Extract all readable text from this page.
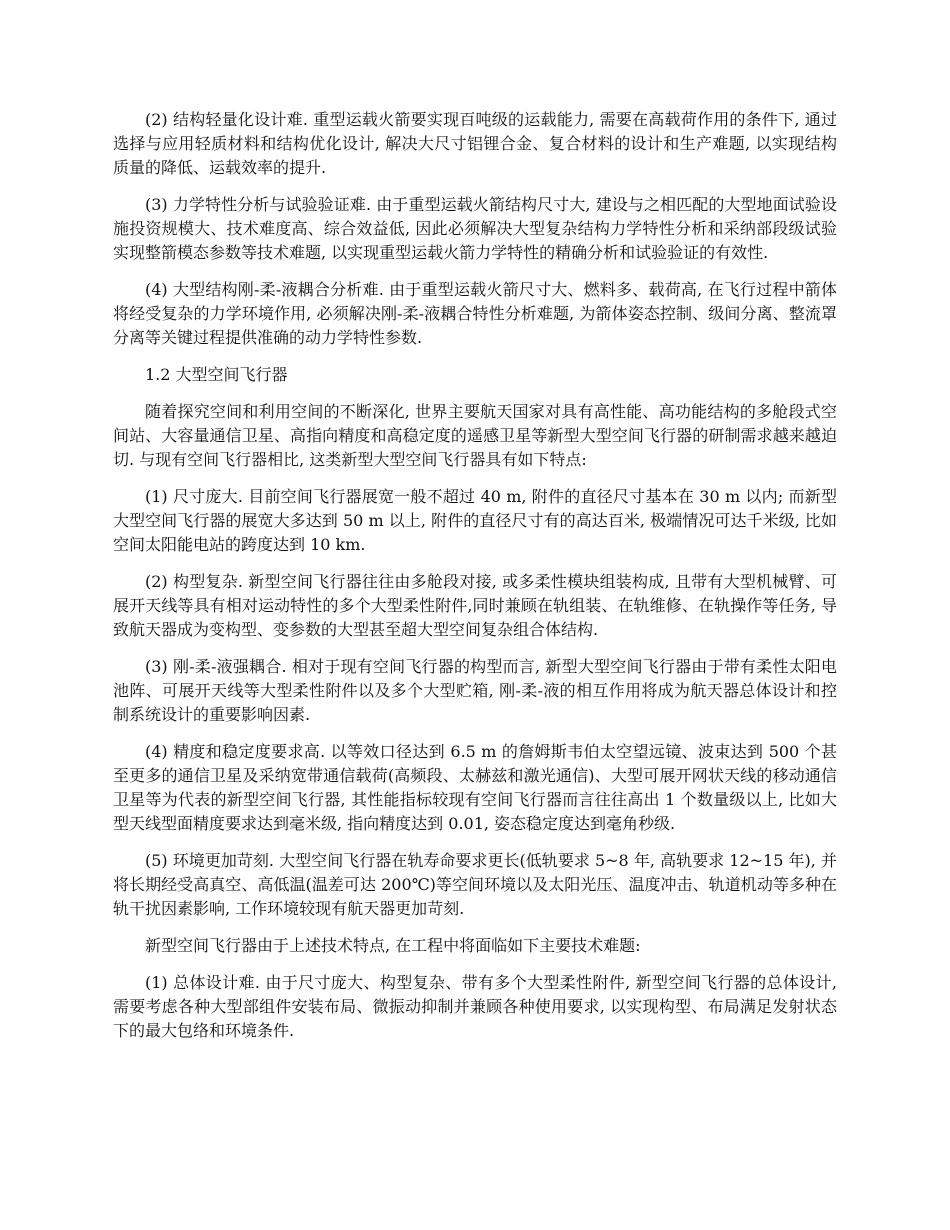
(2) 结构轻量化设计难. 重型运载火箭要实现百吨级的运载能力, 需要在高载荷作用的条件下, 通过选择与应用轻质材料和结构优化设计, 解决大尺寸铝锂合金、复合材料的设计和生产难题, 以实现结构质量的降低、运载效率的提升.

(3) 力学特性分析与试验验证难. 由于重型运载火箭结构尺寸大, 建设与之相匹配的大型地面试验设施投资规模大、技术难度高、综合效益低, 因此必须解决大型复杂结构力学特性分析和采纳部段级试验实现整箭模态参数等技术难题, 以实现重型运载火箭力学特性的精确分析和试验验证的有效性.

(4) 大型结构刚-柔-液耦合分析难. 由于重型运载火箭尺寸大、燃料多、载荷高, 在飞行过程中箭体将经受复杂的力学环境作用, 必须解决刚-柔-液耦合特性分析难题, 为箭体姿态控制、级间分离、整流罩分离等关键过程提供准确的动力学特性参数.

1.2 大型空间飞行器

随着探究空间和利用空间的不断深化, 世界主要航天国家对具有高性能、高功能结构的多舱段式空间站、大容量通信卫星、高指向精度和高稳定度的遥感卫星等新型大型空间飞行器的研制需求越来越迫切. 与现有空间飞行器相比, 这类新型大型空间飞行器具有如下特点:

(1) 尺寸庞大. 目前空间飞行器展宽一般不超过 40 m, 附件的直径尺寸基本在 30 m 以内; 而新型大型空间飞行器的展宽大多达到 50 m 以上, 附件的直径尺寸有的高达百米, 极端情况可达千米级, 比如空间太阳能电站的跨度达到 10 km.

(2) 构型复杂. 新型空间飞行器往往由多舱段对接, 或多柔性模块组装构成, 且带有大型机械臂、可展开天线等具有相对运动特性的多个大型柔性附件,同时兼顾在轨组装、在轨维修、在轨操作等任务, 导致航天器成为变构型、变参数的大型甚至超大型空间复杂组合体结构.

(3) 刚-柔-液强耦合. 相对于现有空间飞行器的构型而言, 新型大型空间飞行器由于带有柔性太阳电池阵、可展开天线等大型柔性附件以及多个大型贮箱, 刚-柔-液的相互作用将成为航天器总体设计和控制系统设计的重要影响因素.

(4) 精度和稳定度要求高. 以等效口径达到 6.5 m 的詹姆斯韦伯太空望远镜、波束达到 500 个甚至更多的通信卫星及采纳宽带通信载荷(高频段、太赫兹和激光通信)、大型可展开网状天线的移动通信卫星等为代表的新型空间飞行器, 其性能指标较现有空间飞行器而言往往高出 1 个数量级以上, 比如大型天线型面精度要求达到毫米级, 指向精度达到 0.01, 姿态稳定度达到毫角秒级.

(5) 环境更加苛刻. 大型空间飞行器在轨寿命要求更长(低轨要求 5~8 年, 高轨要求 12~15 年), 并将长期经受高真空、高低温(温差可达 200℃)等空间环境以及太阳光压、温度冲击、轨道机动等多种在轨干扰因素影响, 工作环境较现有航天器更加苛刻.

新型空间飞行器由于上述技术特点, 在工程中将面临如下主要技术难题:

(1) 总体设计难. 由于尺寸庞大、构型复杂、带有多个大型柔性附件, 新型空间飞行器的总体设计,需要考虑各种大型部组件安装布局、微振动抑制并兼顾各种使用要求, 以实现构型、布局满足发射状态下的最大包络和环境条件.
